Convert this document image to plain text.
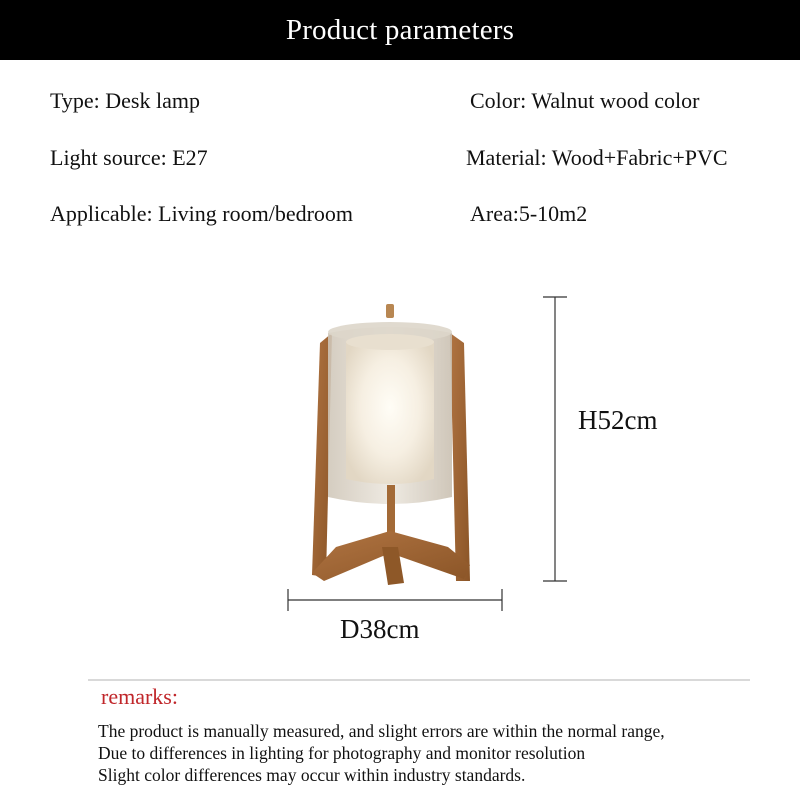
Product parameters
Type: Desk lamp	Color: Walnut wood color
Light source: E27	Material: Wood+Fabric+PVC
Applicable: Living room/bedroom	Area:5-10m2
H52cm
D38cm
remarks:
The product is manually measured, and slight errors are within the normal range,
Due to differences in lighting for photography and monitor resolution
Slight color differences may occur within industry standards.
